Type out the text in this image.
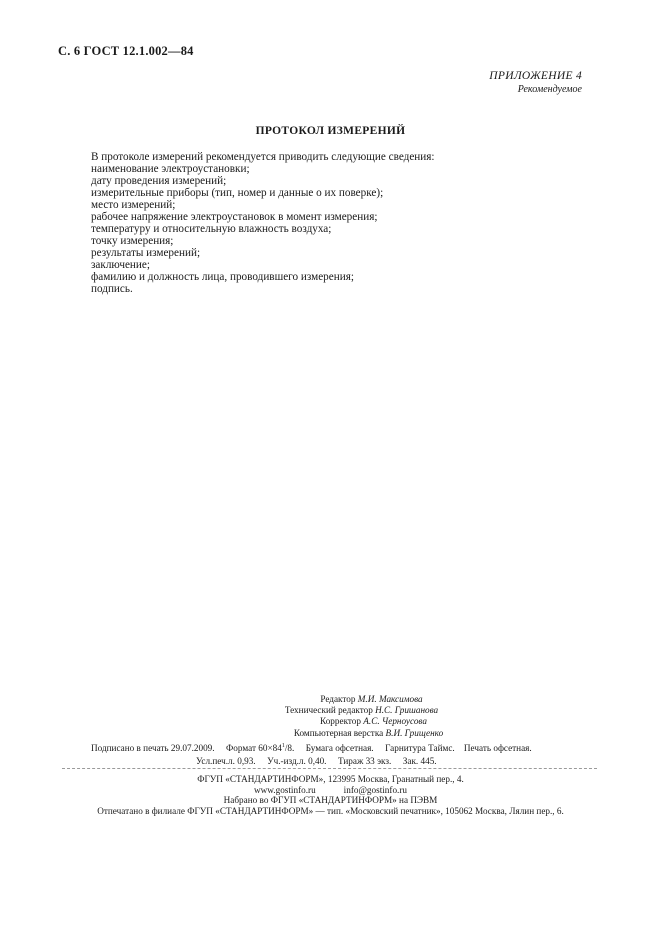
С. 6 ГОСТ 12.1.002—84
ПРИЛОЖЕНИЕ 4
Рекомендуемое
ПРОТОКОЛ ИЗМЕРЕНИЙ
В протоколе измерений рекомендуется приводить следующие сведения:
наименование электроустановки;
дату проведения измерений;
измерительные приборы (тип, номер и данные о их поверке);
место измерений;
рабочее напряжение электроустановок в момент измерения;
температуру и относительную влажность воздуха;
точку измерения;
результаты измерений;
заключение;
фамилию и должность лица, проводившего измерения;
подпись.
Редактор М.И. Максимова
Технический редактор Н.С. Гришанова
Корректор А.С. Черноусова
Компьютерная верстка В.И. Грищенко
Подписано в печать 29.07.2009. Формат $60\times 84^1/8$. Бумага офсетная. Гарнитура Таймс. Печать офсетная.
Усл.печ.л. 0,93. Уч.-изд.л. 0,40. Тираж 33 экз. Зак. 445.
ФГУП «СТАНДАРТИНФОРМ», 123995 Москва, Гранатный пер., 4.
www.gostinfo.ru	info@gostinfo.ru
Набрано во ФГУП «СТАНДАРТИНФОРМ» на ПЭВМ
Отпечатано в филиале ФГУП «СТАНДАРТИНФОРМ» — тип. «Московский печатник», 105062 Москва, Лялин пер., 6.
